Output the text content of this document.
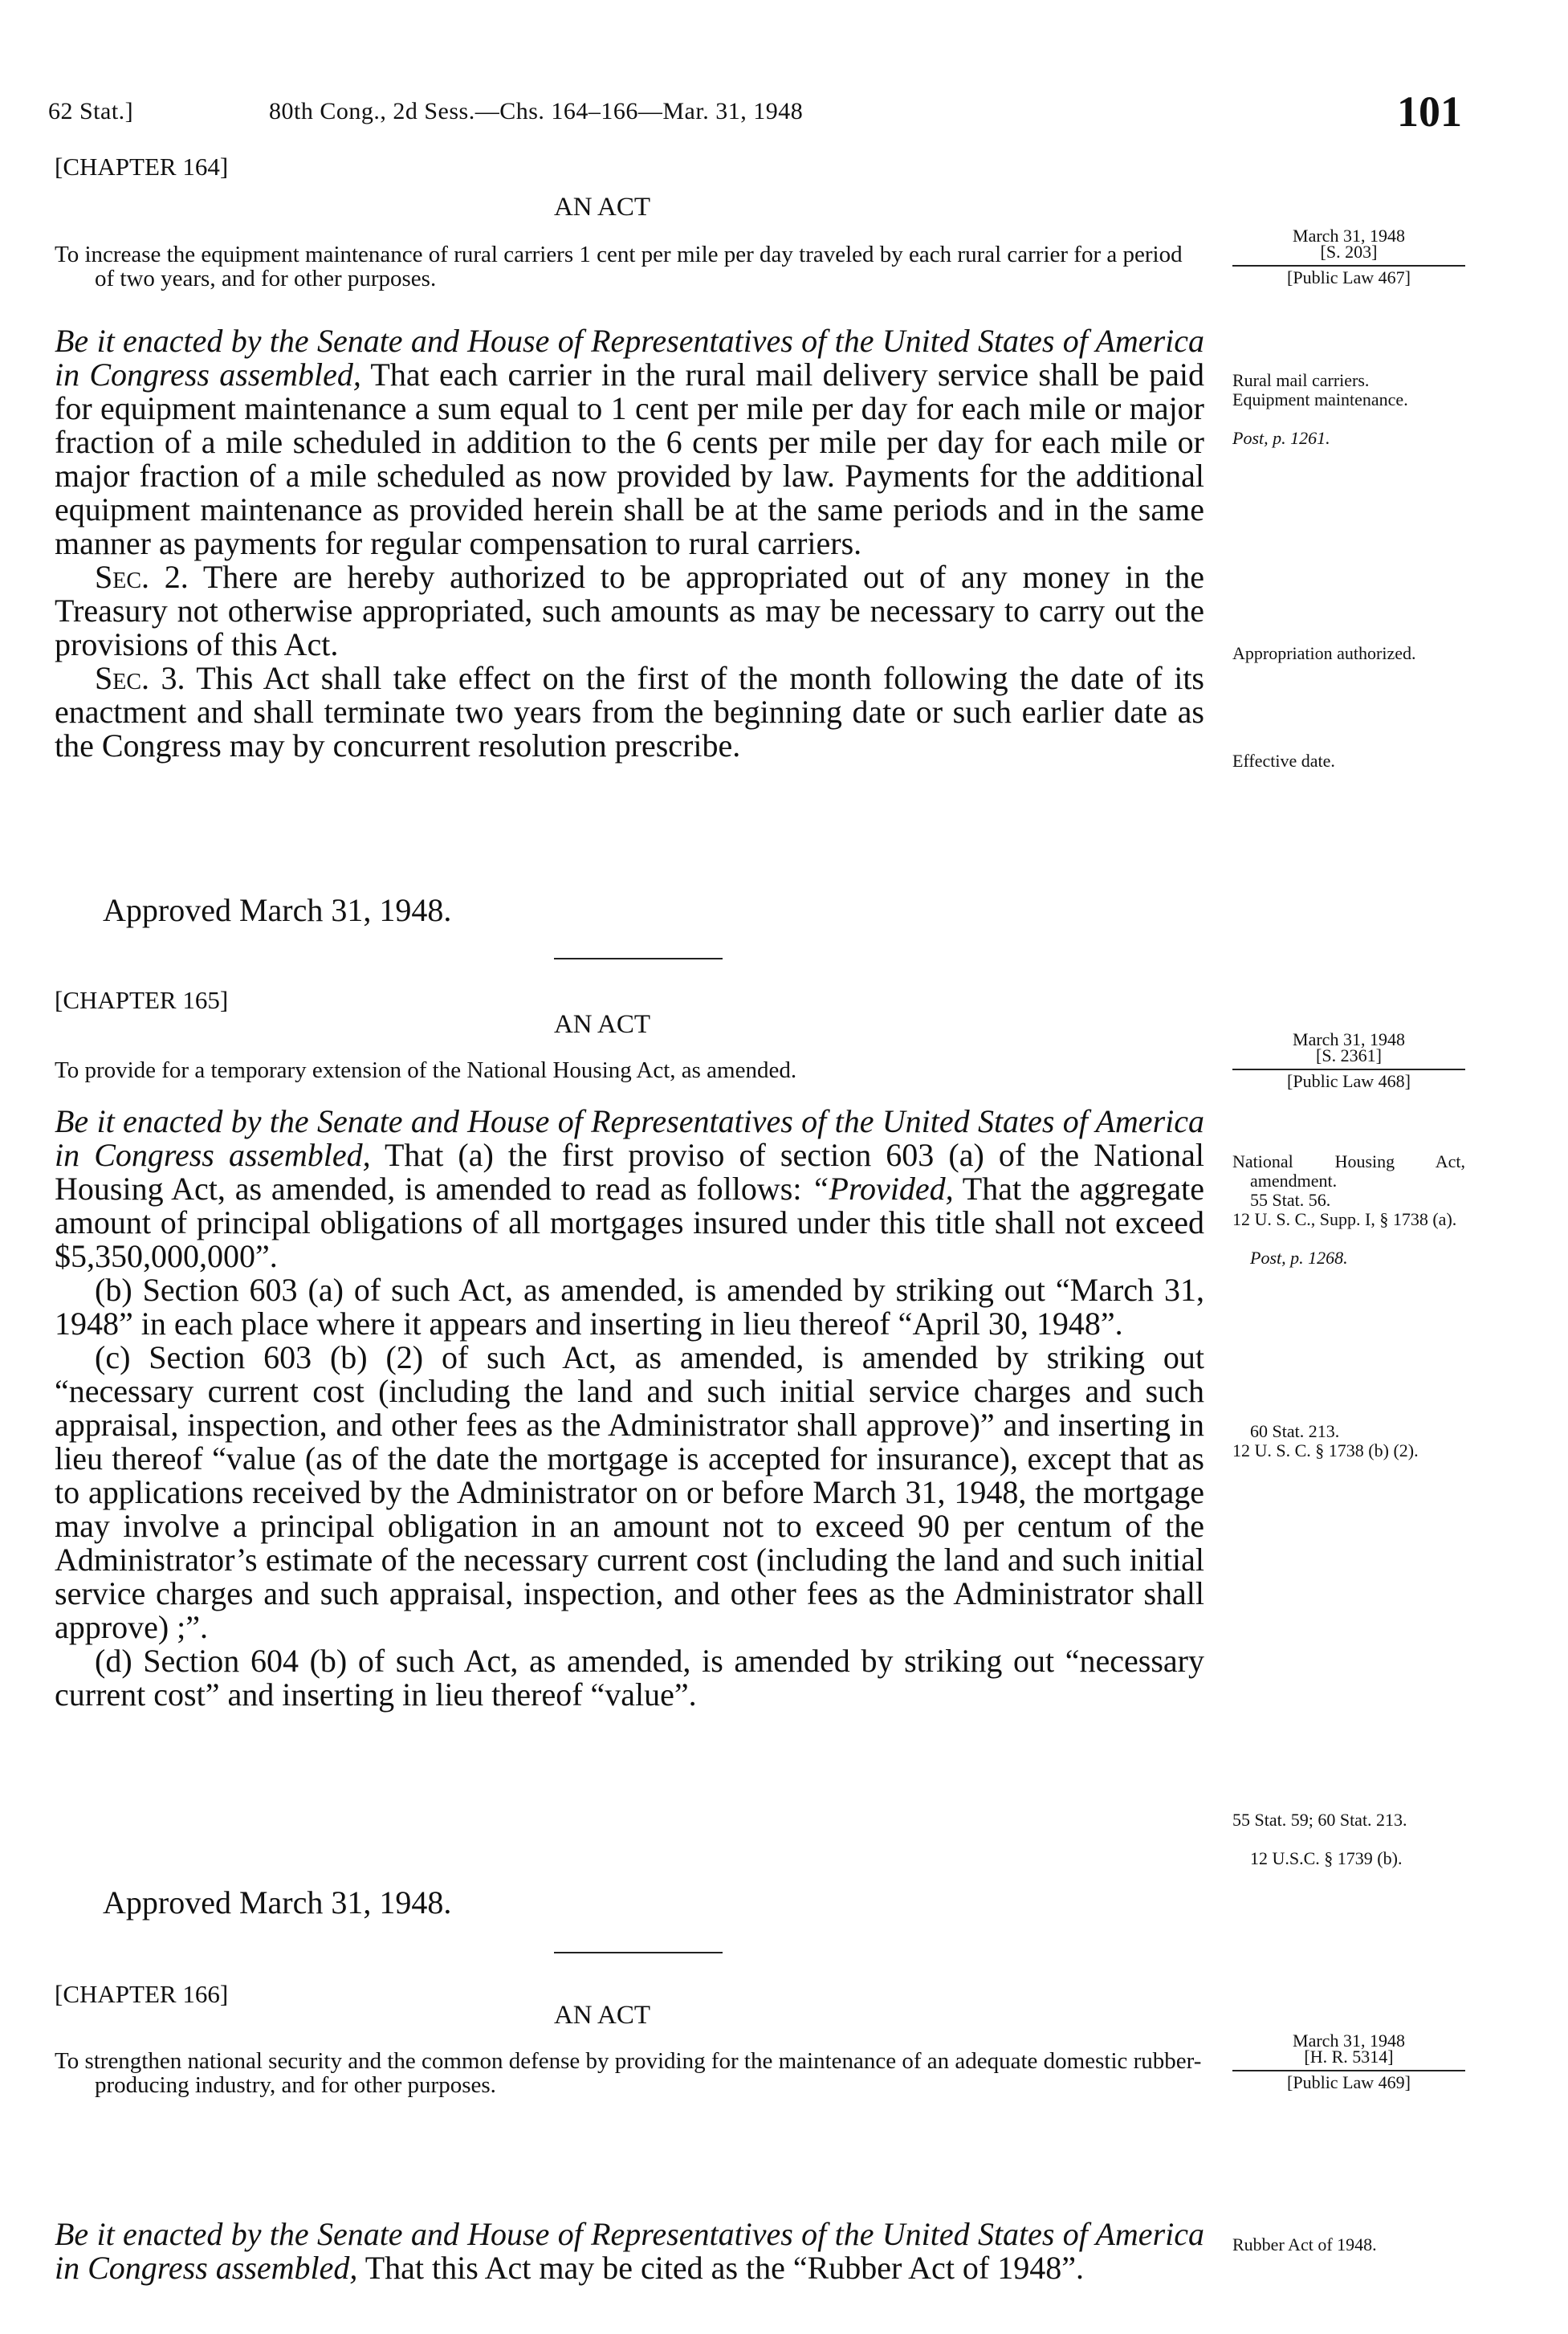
62 Stat.]	80th Cong., 2d Sess.—Chs. 164–166—Mar. 31, 1948	101
[CHAPTER 164]
AN ACT
To increase the equipment maintenance of rural carriers 1 cent per mile per day traveled by each rural carrier for a period of two years, and for other purposes.
March 31, 1948
[S. 203]
[Public Law 467]
Rural mail carriers.
Equipment maintenance.
Post, p. 1261.
Appropriation authorized.
Effective date.

Be it enacted by the Senate and House of Representatives of the United States of America in Congress assembled, That each carrier in the rural mail delivery service shall be paid for equipment maintenance a sum equal to 1 cent per mile per day for each mile or major fraction of a mile scheduled in addition to the 6 cents per mile per day for each mile or major fraction of a mile scheduled as now provided by law. Payments for the additional equipment maintenance as provided herein shall be at the same periods and in the same manner as payments for regular compensation to rural carriers.

Sec. 2. There are hereby authorized to be appropriated out of any money in the Treasury not otherwise appropriated, such amounts as may be necessary to carry out the provisions of this Act.

Sec. 3. This Act shall take effect on the first of the month following the date of its enactment and shall terminate two years from the beginning date or such earlier date as the Congress may by concurrent resolution prescribe.

Approved March 31, 1948.
[CHAPTER 165]
AN ACT
To provide for a temporary extension of the National Housing Act, as amended.
March 31, 1948
[S. 2361]
[Public Law 468]
National Housing Act, amendment.
55 Stat. 56.
12 U. S. C., Supp. I, § 1738 (a).
Post, p. 1268.
60 Stat. 213.
12 U. S. C. § 1738 (b) (2).
55 Stat. 59; 60 Stat. 213.
12 U.S.C. § 1739 (b).

Be it enacted by the Senate and House of Representatives of the United States of America in Congress assembled, That (a) the first proviso of section 603 (a) of the National Housing Act, as amended, is amended to read as follows: “Provided, That the aggregate amount of principal obligations of all mortgages insured under this title shall not exceed $5,350,000,000”.

(b) Section 603 (a) of such Act, as amended, is amended by striking out “March 31, 1948” in each place where it appears and inserting in lieu thereof “April 30, 1948”.

(c) Section 603 (b) (2) of such Act, as amended, is amended by striking out “necessary current cost (including the land and such initial service charges and such appraisal, inspection, and other fees as the Administrator shall approve)” and inserting in lieu thereof “value (as of the date the mortgage is accepted for insurance), except that as to applications received by the Administrator on or before March 31, 1948, the mortgage may involve a principal obligation in an amount not to exceed 90 per centum of the Administrator’s estimate of the necessary current cost (including the land and such initial service charges and such appraisal, inspection, and other fees as the Administrator shall approve) ;”.

(d) Section 604 (b) of such Act, as amended, is amended by striking out “necessary current cost” and inserting in lieu thereof “value”.

Approved March 31, 1948.
[CHAPTER 166]
AN ACT
To strengthen national security and the common defense by providing for the maintenance of an adequate domestic rubber-producing industry, and for other purposes.
March 31, 1948
[H. R. 5314]
[Public Law 469]
Rubber Act of 1948.

Be it enacted by the Senate and House of Representatives of the United States of America in Congress assembled, That this Act may be cited as the “Rubber Act of 1948”.
